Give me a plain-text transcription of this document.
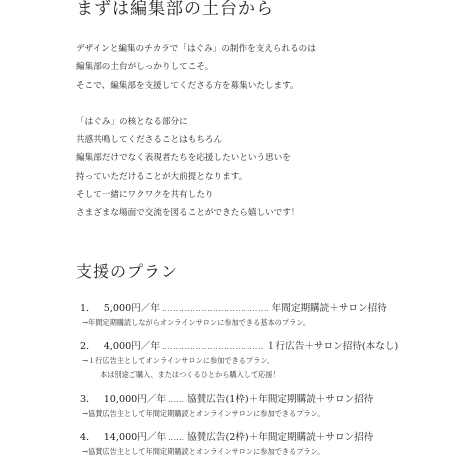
まずは編集部の土台から
デザインと編集のチカラで「はぐみ」の制作を支えられるのは
編集部の土台がしっかりしてこそ。
そこで、編集部を支援してくださる方を募集いたします。
「はぐみ」の核となる部分に
共感共鳴してくださることはもちろん
編集部だけでなく表現者たちを応援したいという思いを
持っていただけることが大前提となります。
そして一緒にワクワクを共有したり
さまざまな場面で交流を図ることができたら嬉しいです！
支援のプラン
1． 5,000円／年 ‥‥‥‥‥‥‥‥‥‥‥‥‥‥‥‥‥‥‥ 年間定期購読＋サロン招待
→年間定期購読しながらオンラインサロンに参加できる基本のプラン。
2． 4,000円／年 ‥‥‥‥‥‥‥‥‥‥‥‥‥‥‥‥‥‥ １行広告＋サロン招待(本なし)
→１行広告主としてオンラインサロンに参加できるプラン。
本は別途ご購入、またはつくるひとから購入して応援！
3． 10,000円／年 ‥‥‥ 協賛広告(1枠)＋年間定期購読＋サロン招待
→協賛広告主として年間定期購読とオンラインサロンに参加できるプラン。
4． 14,000円／年 ‥‥‥ 協賛広告(2枠)＋年間定期購読＋サロン招待
→協賛広告主として年間定期購読とオンラインサロンに参加できるプラン。
